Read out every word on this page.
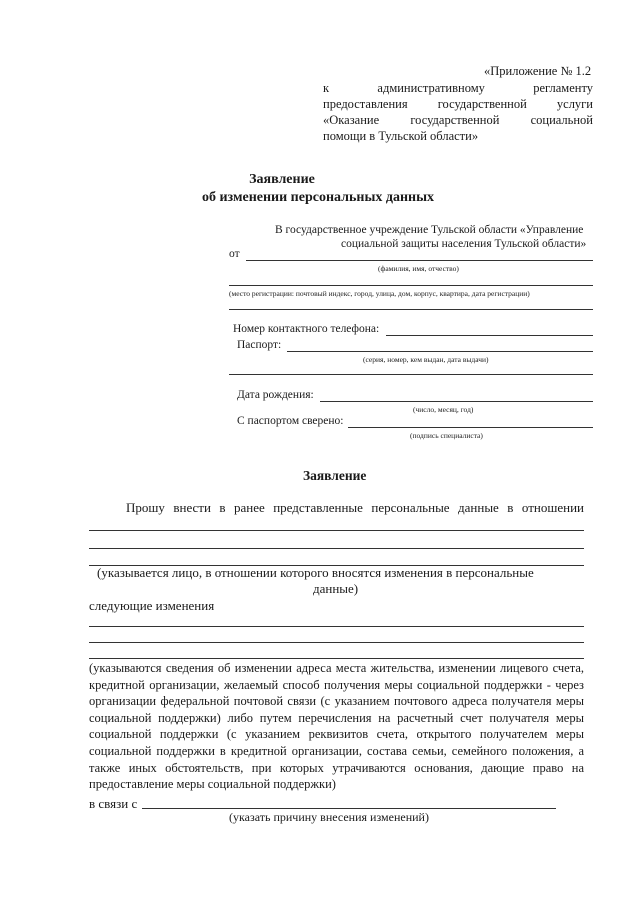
«Приложение № 1.2
к	административному	регламенту
предоставления государственной услуги
«Оказание государственной социальной
помощи в Тульской области»
Заявление
об изменении персональных данных
В государственное учреждение Тульской области «Управление
социальной защиты населения Тульской области»
от
(фамилия, имя, отчество)
(место регистрации: почтовый индекс, город, улица, дом, корпус, квартира, дата регистрации)
Номер контактного телефона:
Паспорт:
(серия, номер, кем выдан, дата выдачи)
Дата рождения:
(число, месяц, год)
С паспортом сверено:
(подпись специалиста)
Заявление
Прошу внести в ранее представленные персональные данные в отношении
(указывается лицо, в отношении которого вносятся изменения в персональные
данные)
следующие изменения
(указываются сведения об изменении адреса места жительства, изменении лицевого счета,
кредитной организации, желаемый способ получения меры социальной поддержки - через
организации федеральной почтовой связи (с указанием почтового адреса получателя меры
социальной поддержки) либо путем перечисления на расчетный счет получателя меры
социальной поддержки (с указанием реквизитов счета, открытого получателем меры
социальной поддержки в кредитной организации, состава семьи, семейного положения, а
также иных обстоятельств, при которых утрачиваются основания, дающие право на
предоставление меры социальной поддержки)
в связи с
(указать причину внесения изменений)
